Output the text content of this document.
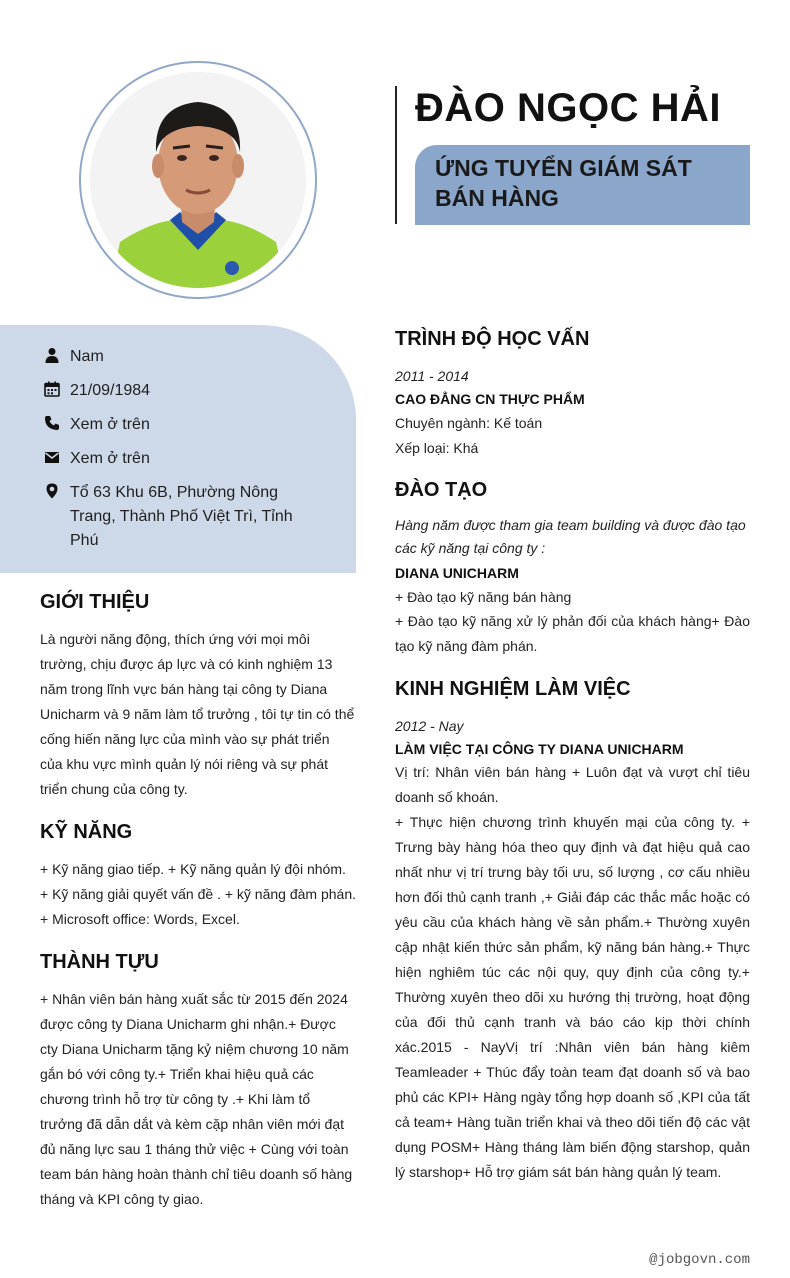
ĐÀO NGỌC HẢI
ỨNG TUYỂN GIÁM SÁT BÁN HÀNG
Nam
21/09/1984
Xem ở trên
Xem ở trên
Tổ 63 Khu 6B, Phường Nông Trang, Thành Phố Việt Trì, Tỉnh Phú
GIỚI THIỆU
Là người năng động, thích ứng với mọi môi trường, chịu được áp lực và có kinh nghiệm 13 năm trong lĩnh vực bán hàng tại công ty Diana Unicharm và 9 năm làm tổ trưởng , tôi tự tin có thể cống hiến năng lực của mình vào sự phát triển của khu vực mình quản lý nói riêng và sự phát triển chung của công ty.
KỸ NĂNG
+ Kỹ năng giao tiếp. + Kỹ năng quản lý đội nhóm. + Kỹ năng giải quyết vấn đề . + kỹ năng đàm phán. + Microsoft office: Words, Excel.
THÀNH TỰU
+ Nhân viên bán hàng xuất sắc từ 2015 đến 2024 được công ty Diana Unicharm ghi nhận.+ Được cty Diana Unicharm tặng kỷ niệm chương 10 năm gắn bó với công ty.+ Triển khai hiệu quả các chương trình hỗ trợ từ công ty .+ Khi làm tổ trưởng đã dẫn dắt và kèm cặp nhân viên mới đạt đủ năng lực sau 1 tháng thử việc + Cùng với toàn team bán hàng hoàn thành chỉ tiêu doanh số hàng tháng và KPI công ty giao.
TRÌNH ĐỘ HỌC VẤN
2011 - 2014
CAO ĐẲNG CN THỰC PHẨM
Chuyên ngành: Kế toán
Xếp loại: Khá
ĐÀO TẠO
Hàng năm được tham gia team building và được đào tạo các kỹ năng tại công ty :
DIANA UNICHARM
+ Đào tạo kỹ năng bán hàng
+ Đào tạo kỹ năng xử lý phản đối của khách hàng+ Đào tạo kỹ năng đàm phán.
KINH NGHIỆM LÀM VIỆC
2012 - Nay
LÀM VIỆC TẠI CÔNG TY DIANA UNICHARM
Vị trí: Nhân viên bán hàng + Luôn đạt và vượt chỉ tiêu doanh số khoán.
+ Thực hiện chương trình khuyến mại của công ty. + Trưng bày hàng hóa theo quy định và đạt hiệu quả cao nhất như vị trí trưng bày tối ưu, số lượng , cơ cấu nhiều hơn đối thủ cạnh tranh ,+ Giải đáp các thắc mắc hoặc có yêu cầu của khách hàng về sản phẩm.+ Thường xuyên cập nhật kiến thức sản phẩm, kỹ năng bán hàng.+ Thực hiện nghiêm túc các nội quy, quy định của công ty.+ Thường xuyên theo dõi xu hướng thị trường, hoạt động của đối thủ cạnh tranh và báo cáo kịp thời chính xác.2015 - NayVị trí :Nhân viên bán hàng kiêm Teamleader + Thúc đẩy toàn team đạt doanh số và bao phủ các KPI+ Hàng ngày tổng hợp doanh số ,KPI của tất cả team+ Hàng tuần triển khai và theo dõi tiến độ các vật dụng POSM+ Hàng tháng làm biến động starshop, quản lý starshop+ Hỗ trợ giám sát bán hàng quản lý team.
@jobgovn.com
